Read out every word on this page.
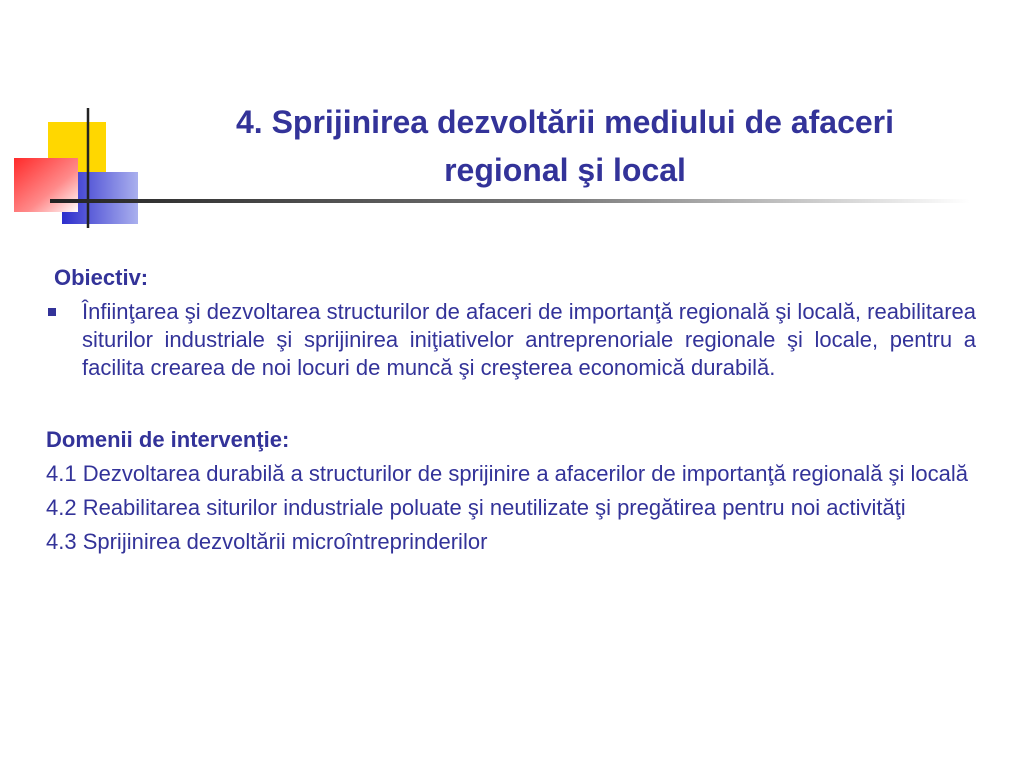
4. Sprijinirea dezvoltării mediului de afaceri
regional şi local
Obiectiv:
Înfiinţarea şi dezvoltarea structurilor de afaceri de importanţă regională şi locală, reabilitarea siturilor industriale şi sprijinirea iniţiativelor antreprenoriale regionale şi locale, pentru a facilita crearea de noi locuri de muncă şi creşterea economică durabilă.
Domenii de intervenţie:
4.1 Dezvoltarea durabilă a structurilor de sprijinire a afacerilor de importanţă regională şi locală
4.2 Reabilitarea siturilor industriale poluate şi neutilizate şi pregătirea pentru noi activităţi
4.3 Sprijinirea dezvoltării microîntreprinderilor
